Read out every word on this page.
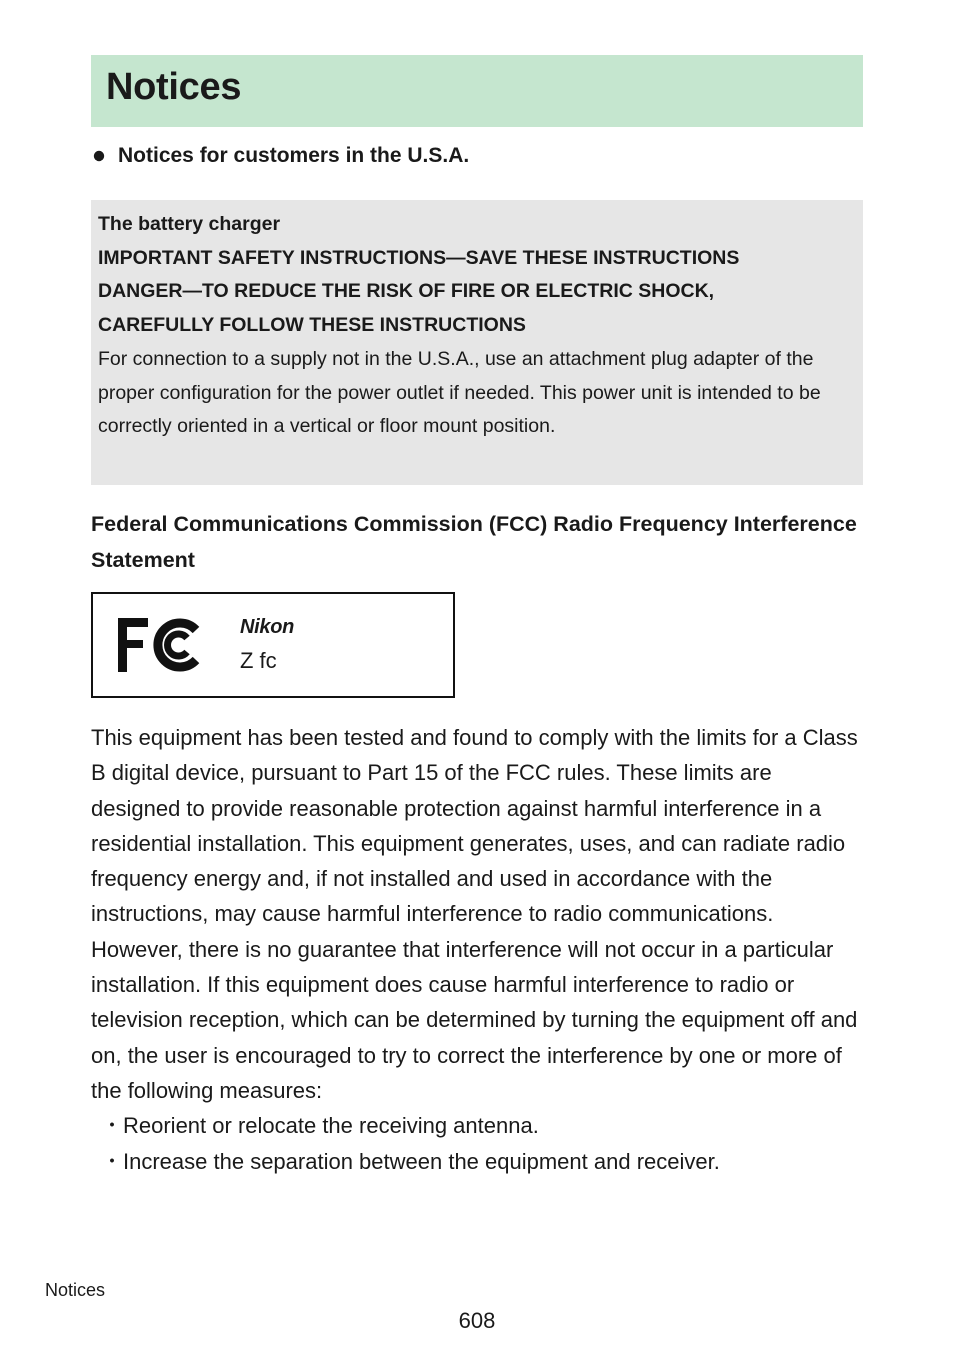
Notices
Notices for customers in the U.S.A.
The battery charger
IMPORTANT SAFETY INSTRUCTIONS—SAVE THESE INSTRUCTIONS
DANGER—TO REDUCE THE RISK OF FIRE OR ELECTRIC SHOCK,
CAREFULLY FOLLOW THESE INSTRUCTIONS

For connection to a supply not in the U.S.A., use an attachment plug adapter of the proper configuration for the power outlet if needed. This power unit is intended to be correctly oriented in a vertical or floor mount position.

Federal Communications Commission (FCC) Radio Frequency Interference Statement
Nikon
Z fc

This equipment has been tested and found to comply with the limits for a Class B digital device, pursuant to Part 15 of the FCC rules. These limits are designed to provide reasonable protection against harmful interference in a residential installation. This equipment generates, uses, and can radiate radio frequency energy and, if not installed and used in accordance with the instructions, may cause harmful interference to radio communications. However, there is no guarantee that interference will not occur in a particular installation. If this equipment does cause harmful interference to radio or television reception, which can be determined by turning the equipment off and on, the user is encouraged to try to correct the interference by one or more of the following measures:

・ Reorient or relocate the receiving antenna.
・ Increase the separation between the equipment and receiver.
Notices
608
